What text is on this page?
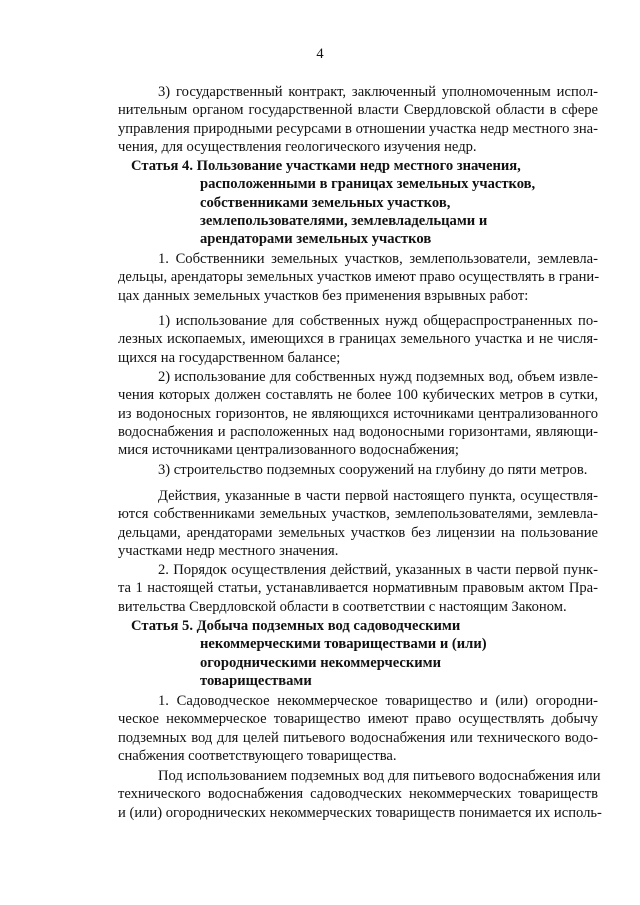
4

3) государственный контракт, заключенный уполномоченным испол-
нительным органом государственной власти Свердловской области в сфере
управления природными ресурсами в отношении участка недр местного зна-
чения, для осуществления геологического изучения недр.

Статья 4. Пользование участками недр местного значения,
расположенными в границах земельных участков,
собственниками земельных участков,
землепользователями, землевладельцами и
арендаторами земельных участков

1. Собственники земельных участков, землепользователи, землевла-
дельцы, арендаторы земельных участков имеют право осуществлять в грани-
цах данных земельных участков без применения взрывных работ:

1) использование для собственных нужд общераспространенных по-
лезных ископаемых, имеющихся в границах земельного участка и не числя-
щихся на государственном балансе;

2) использование для собственных нужд подземных вод, объем извле-
чения которых должен составлять не более 100 кубических метров в сутки,
из водоносных горизонтов, не являющихся источниками централизованного
водоснабжения и расположенных над водоносными горизонтами, являющи-
мися источниками централизованного водоснабжения;

3) строительство подземных сооружений на глубину до пяти метров.

Действия, указанные в части первой настоящего пункта, осуществля-
ются собственниками земельных участков, землепользователями, землевла-
дельцами, арендаторами земельных участков без лицензии на пользование
участками недр местного значения.

2. Порядок осуществления действий, указанных в части первой пунк-
та 1 настоящей статьи, устанавливается нормативным правовым актом Пра-
вительства Свердловской области в соответствии с настоящим Законом.

Статья 5. Добыча подземных вод садоводческими
некоммерческими товариществами и (или)
огородническими некоммерческими
товариществами

1. Садоводческое некоммерческое товарищество и (или) огородни-
ческое некоммерческое товарищество имеют право осуществлять добычу
подземных вод для целей питьевого водоснабжения или технического водо-
снабжения соответствующего товарищества.

Под использованием подземных вод для питьевого водоснабжения или
технического водоснабжения садоводческих некоммерческих товариществ
и (или) огороднических некоммерческих товариществ понимается их исполь-
